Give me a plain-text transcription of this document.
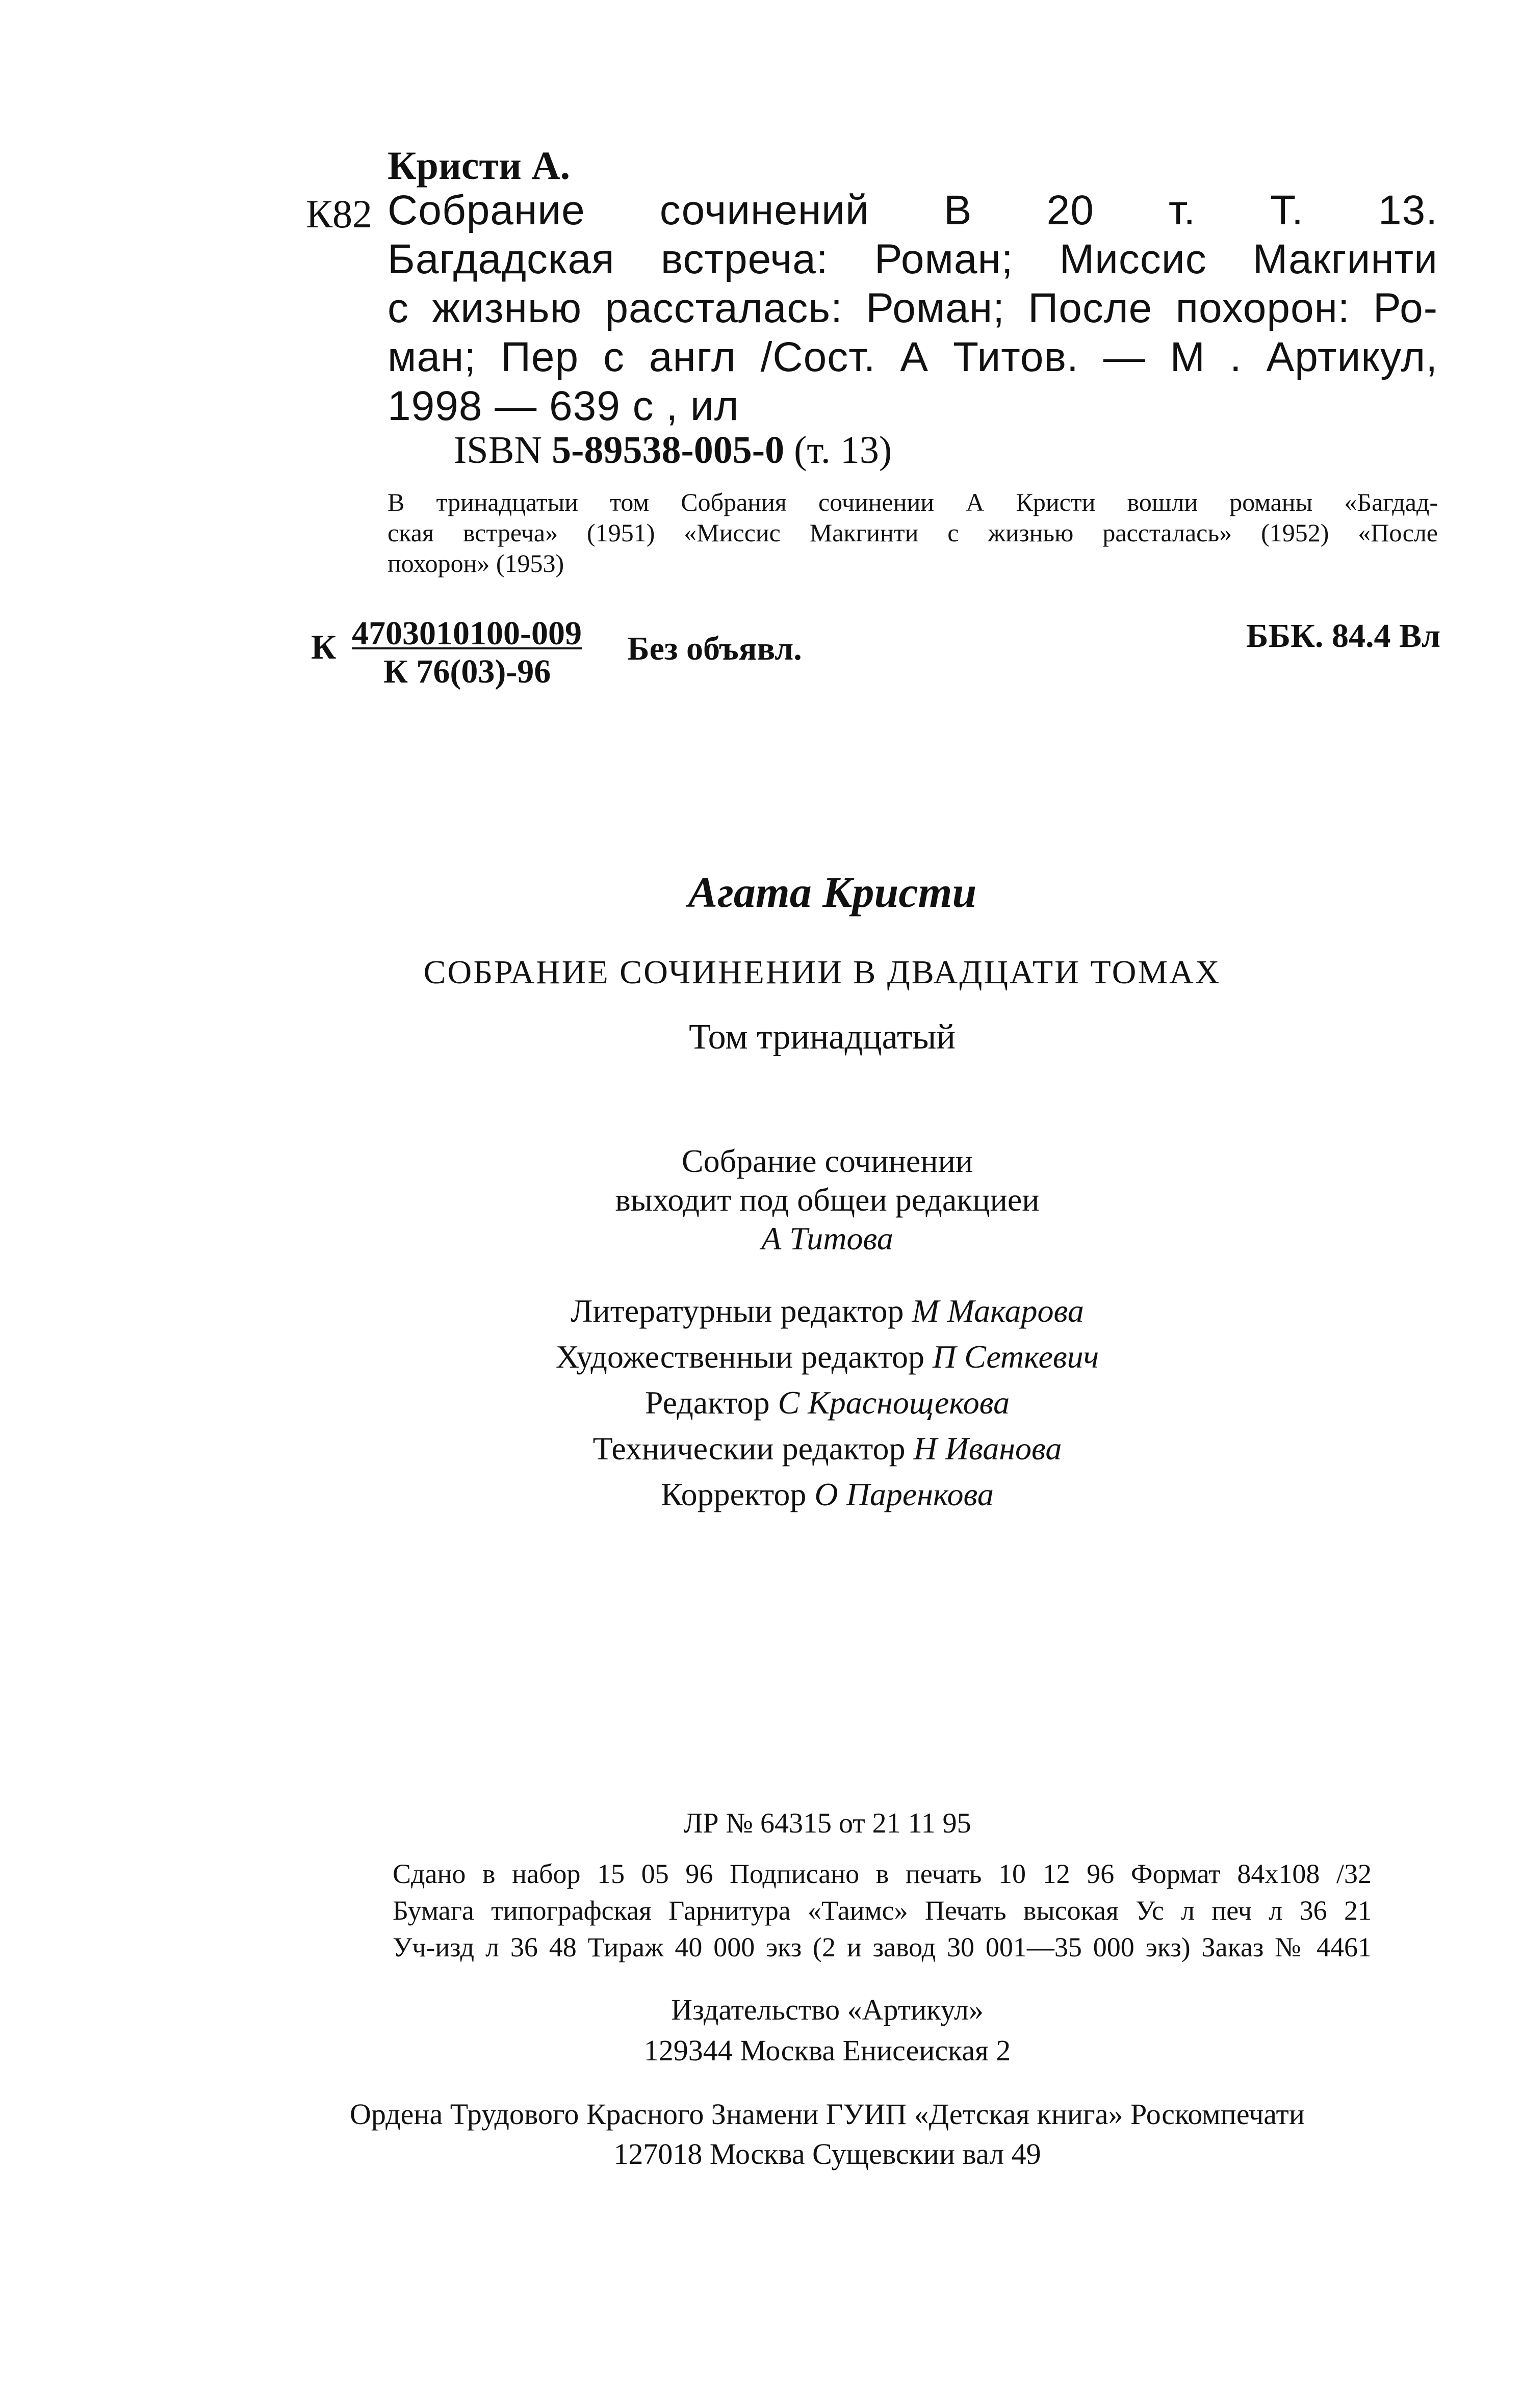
Кристи А.
К82 Собрание сочинений В 20 т. Т. 13.
Багдадская встреча: Роман; Миссис Макгинти
с жизнью рассталась: Роман; После похорон: Ро-
ман; Пер с англ /Сост. А Титов. — М . Артикул,
1998 — 639 с , ил
ISBN 5-89538-005-0 (т. 13)
В тринадцатыи том Собрания сочинении А Кристи вошли романы «Багдад-
ская встреча» (1951) «Миссис Макгинти с жизнью рассталась» (1952) «После
похорон» (1953)
К 4703010100-009
К 76(03)-96
Без объявл.	ББК. 84.4 Вл
Агата Кристи
СОБРАНИЕ СОЧИНЕНИИ В ДВАДЦАТИ ТОМАХ
Том тринадцатый
Собрание сочинении
выходит под общеи редакциеи
А Титова
Литературныи редактор М Макарова
Художественныи редактор П Сеткевич
Редактор С Краснощекова
Техническии редактор Н Иванова
Корректор О Паренкова
ЛР № 64315 от 21 11 95
Сдано в набор 15 05 96 Подписано в печать 10 12 96 Формат 84x108 /32
Бумага типографская Гарнитура «Таимс» Печать высокая Ус л печ л 36 21
Уч-изд л 36 48 Тираж 40 000 экз (2 и завод 30 001—35 000 экз) Заказ № 4461
Издательство «Артикул»
129344 Москва Енисеиская 2
Ордена Трудового Красного Знамени ГУИП «Детская книга» Роскомпечати
127018 Москва Сущевскии вал 49
